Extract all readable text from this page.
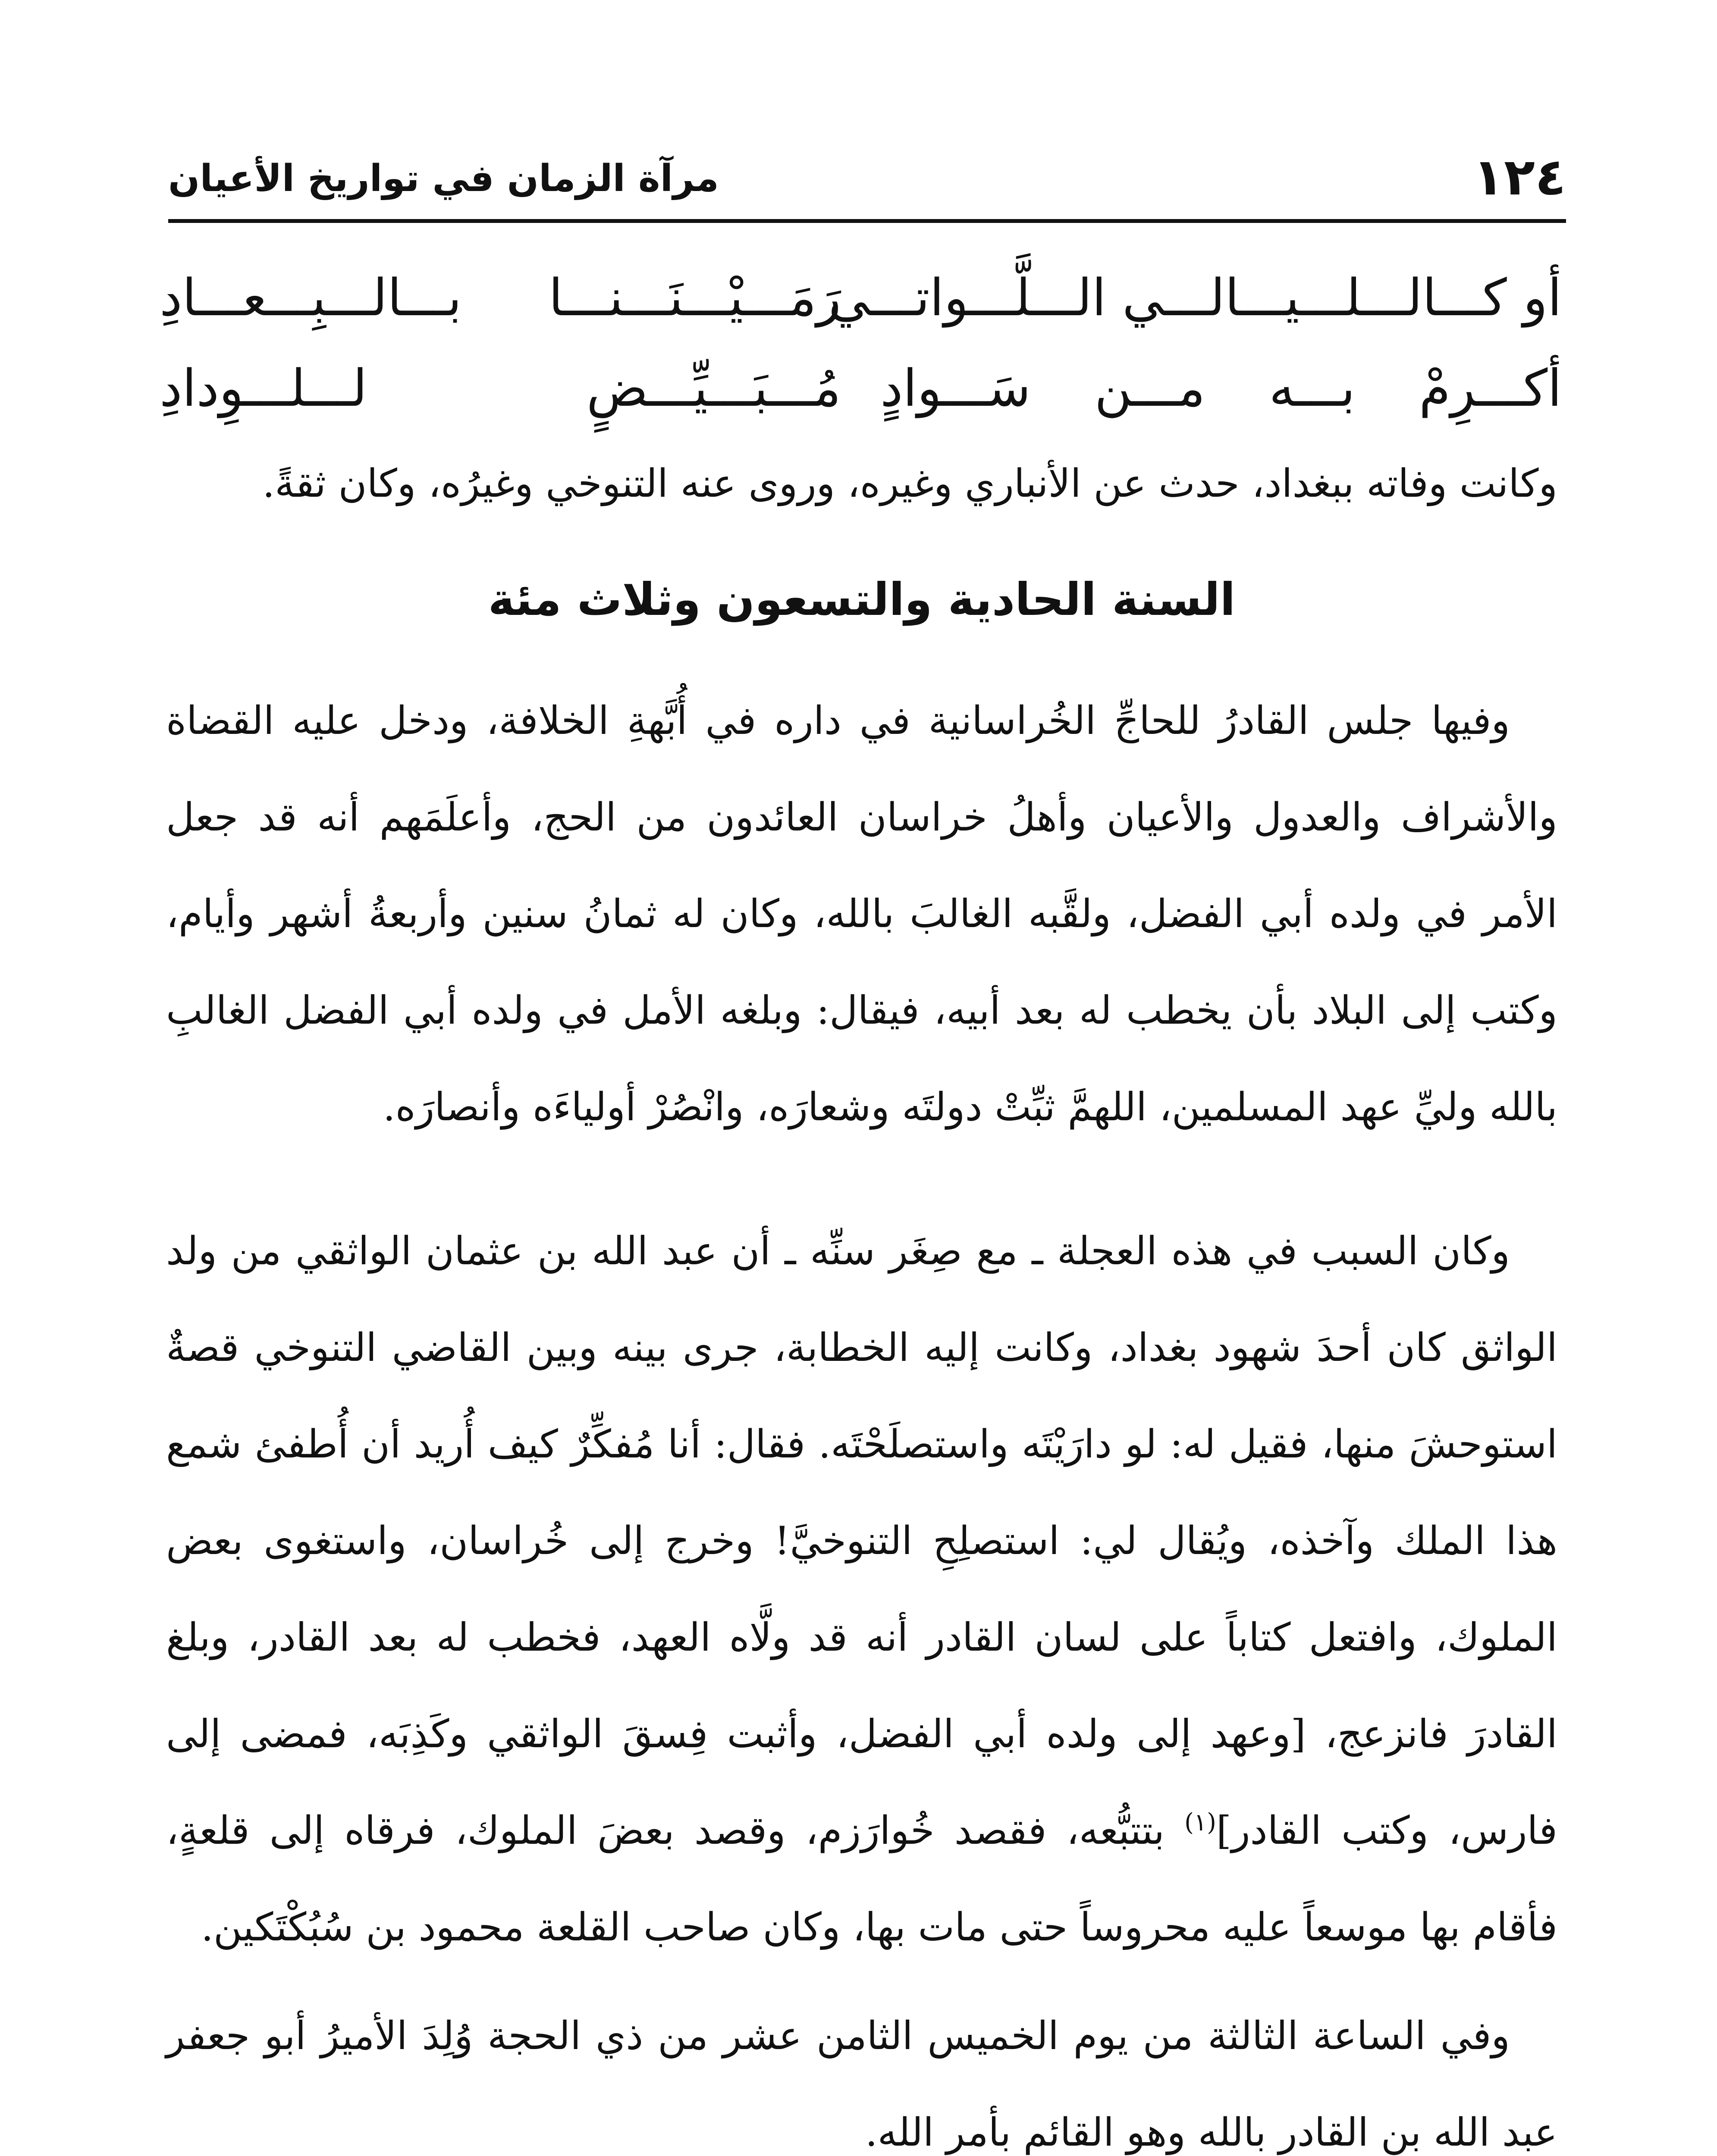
١٢٤
مرآة الزمان في تواريخ الأعيان
أو كـــالـــلـــيـــالـــي الـــلَّـــواتـــي
رَمَـــيْـــنَـــنـــا بـــالـــبِـــعـــادِ
أكـــرِمْ بـــه مـــن سَـــوادٍ
مُـــبَـــيِّـــضٍ لـــلـــوِدادِ

وكانت وفاته ببغداد، حدث عن الأنباري وغيره، وروى عنه التنوخي وغيرُه، وكان ثقةً.

السنة الحادية والتسعون وثلاث مئة

وفيها جلس القادرُ للحاجِّ الخُراسانية في داره في أُبَّهةِ الخلافة، ودخل عليه القضاة والأشراف والعدول والأعيان وأهلُ خراسان العائدون من الحج، وأعلَمَهم أنه قد جعل الأمر في ولده أبي الفضل، ولقَّبه الغالبَ بالله، وكان له ثمانُ سنين وأربعةُ أشهر وأيام، وكتب إلى البلاد بأن يخطب له بعد أبيه، فيقال: وبلغه الأمل في ولده أبي الفضل الغالبِ بالله وليِّ عهد المسلمين، اللهمَّ ثبِّتْ دولتَه وشعارَه، وانْصُرْ أولياءَه وأنصارَه.

وكان السبب في هذه العجلة ـ مع صِغَر سنِّه ـ أن عبد الله بن عثمان الواثقي من ولد الواثق كان أحدَ شهود بغداد، وكانت إليه الخطابة، جرى بينه وبين القاضي التنوخي قصةٌ استوحشَ منها، فقيل له: لو دارَيْتَه واستصلَحْتَه. فقال: أنا مُفكِّرٌ كيف أُريد أن أُطفئ شمع هذا الملك وآخذه، ويُقال لي: استصلِحِ التنوخيَّ! وخرج إلى خُراسان، واستغوى بعض الملوك، وافتعل كتاباً على لسان القادر أنه قد ولَّاه العهد، فخطب له بعد القادر، وبلغ القادرَ فانزعج، [وعهد إلى ولده أبي الفضل، وأثبت فِسقَ الواثقي وكَذِبَه، فمضى إلى فارس، وكتب القادر]$^{(١)}$ بتتبُّعه، فقصد خُوارَزم، وقصد بعضَ الملوك، فرقاه إلى قلعةٍ، فأقام بها موسعاً عليه محروساً حتى مات بها، وكان صاحب القلعة محمود بن سُبُكْتَكين.

وفي الساعة الثالثة من يوم الخميس الثامن عشر من ذي الحجة وُلِدَ الأميرُ أبو جعفر عبد الله بن القادر بالله وهو القائم بأمر الله.
